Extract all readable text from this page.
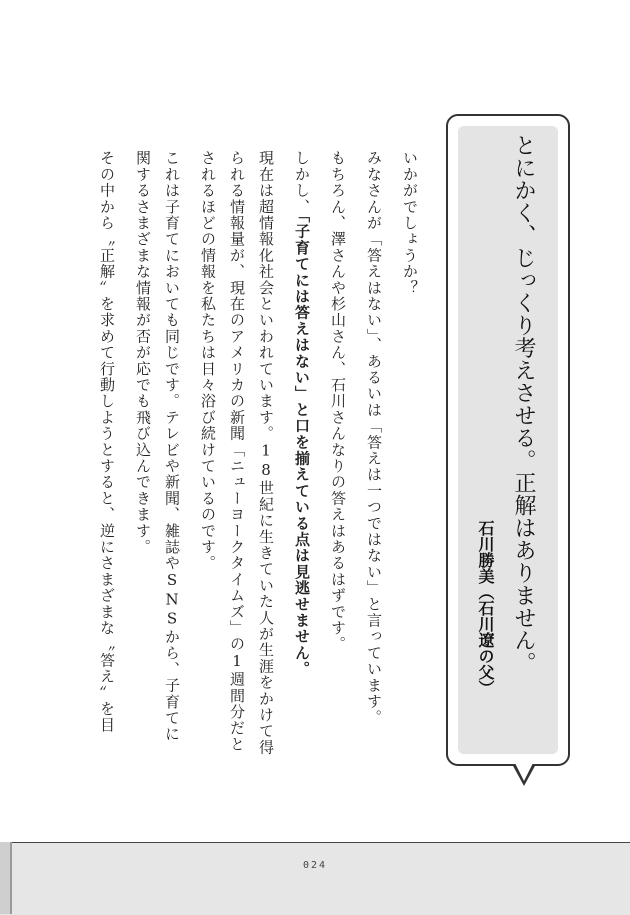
とにかく、じっくり考えさせる。正解はありません。
石川勝美（石川遼の父）
いかがでしょうか？
みなさんが「答えはない」、あるいは「答えは一つではない」と言っています。
もちろん、澤さんや杉山さん、石川さんなりの答えはあるはずです。
しかし、「子育てには答えはない」と口を揃えている点は見逃せません。
現在は超情報化社会といわれています。18世紀に生きていた人が生涯をかけて得
られる情報量が、現在のアメリカの新聞「ニューヨークタイムズ」の1週間分だと
されるほどの情報を私たちは日々浴び続けているのです。
これは子育てにおいても同じです。テレビや新聞、雑誌やSNSから、子育てに
関するさまざまな情報が否が応でも飛び込んできます。
その中から〝正解〟を求めて行動しようとすると、逆にさまざまな〝答え〟を目
024
